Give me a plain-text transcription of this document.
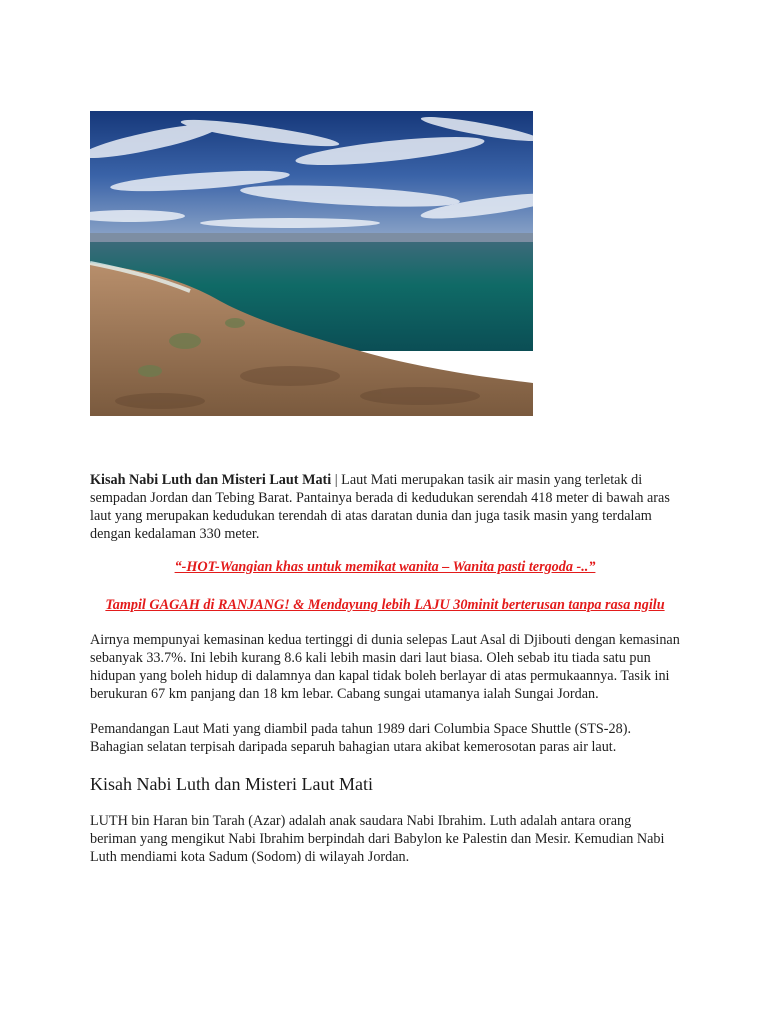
Kisah Nabi Luth dan Misteri Laut Mati | Laut Mati merupakan tasik air masin yang terletak di sempadan Jordan dan Tebing Barat. Pantainya berada di kedudukan serendah 418 meter di bawah aras laut yang merupakan kedudukan terendah di atas daratan dunia dan juga tasik masin yang terdalam dengan kedalaman 330 meter.

“-HOT-Wangian khas untuk memikat wanita – Wanita pasti tergoda -..”

Tampil GAGAH di RANJANG! & Mendayung lebih LAJU 30minit berterusan tanpa rasa ngilu

Airnya mempunyai kemasinan kedua tertinggi di dunia selepas Laut Asal di Djibouti dengan kemasinan sebanyak 33.7%. Ini lebih kurang 8.6 kali lebih masin dari laut biasa. Oleh sebab itu tiada satu pun hidupan yang boleh hidup di dalamnya dan kapal tidak boleh berlayar di atas permukaannya. Tasik ini berukuran 67 km panjang dan 18 km lebar. Cabang sungai utamanya ialah Sungai Jordan.

Pemandangan Laut Mati yang diambil pada tahun 1989 dari Columbia Space Shuttle (STS-28). Bahagian selatan terpisah daripada separuh bahagian utara akibat kemerosotan paras air laut.

Kisah Nabi Luth dan Misteri Laut Mati

LUTH bin Haran bin Tarah (Azar) adalah anak saudara Nabi Ibrahim. Luth adalah antara orang beriman yang mengikut Nabi Ibrahim berpindah dari Babylon ke Palestin dan Mesir. Kemudian Nabi Luth mendiami kota Sadum (Sodom) di wilayah Jordan.
